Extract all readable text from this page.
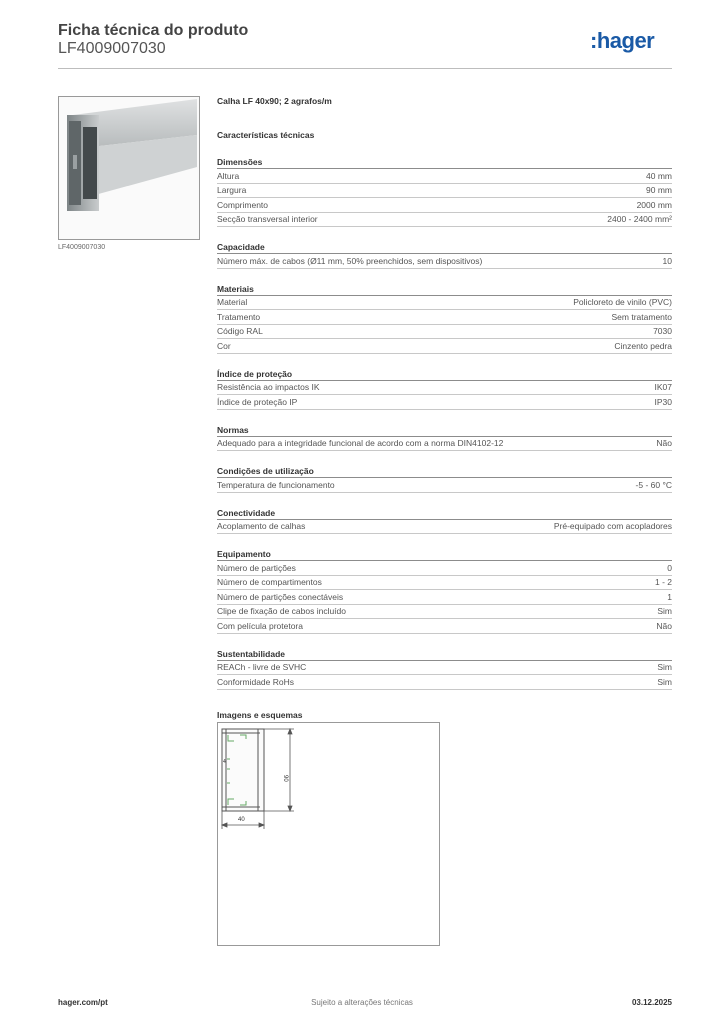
Ficha técnica do produto
LF4009007030	:hager
LF4009007030
Calha LF 40x90; 2 agrafos/m
Características técnicas
Dimensões
Altura	40 mm
Largura	90 mm
Comprimento	2000 mm
Secção transversal interior	2400 - 2400 mm²
Capacidade
Número máx. de cabos (Ø11 mm, 50% preenchidos, sem dispositivos)	10
Materiais
Material	Policloreto de vinilo (PVC)
Tratamento	Sem tratamento
Código RAL	7030
Cor	Cinzento pedra
Índice de proteção
Resistência ao impactos IK	IK07
Índice de proteção IP	IP30
Normas
Adequado para a integridade funcional de acordo com a norma DIN4102-12	Não
Condições de utilização
Temperatura de funcionamento	-5 - 60 °C
Conectividade
Acoplamento de calhas	Pré-equipado com acopladores
Equipamento
Número de partições	0
Número de compartimentos	1 - 2
Número de partições conectáveis	1
Clipe de fixação de cabos incluído	Sim
Com película protetora	Não
Sustentabilidade
REACh - livre de SVHC	Sim
Conformidade RoHs	Sim
Imagens e esquemas
90
40
4
hager.com/pt	Sujeito a alterações técnicas	03.12.2025
